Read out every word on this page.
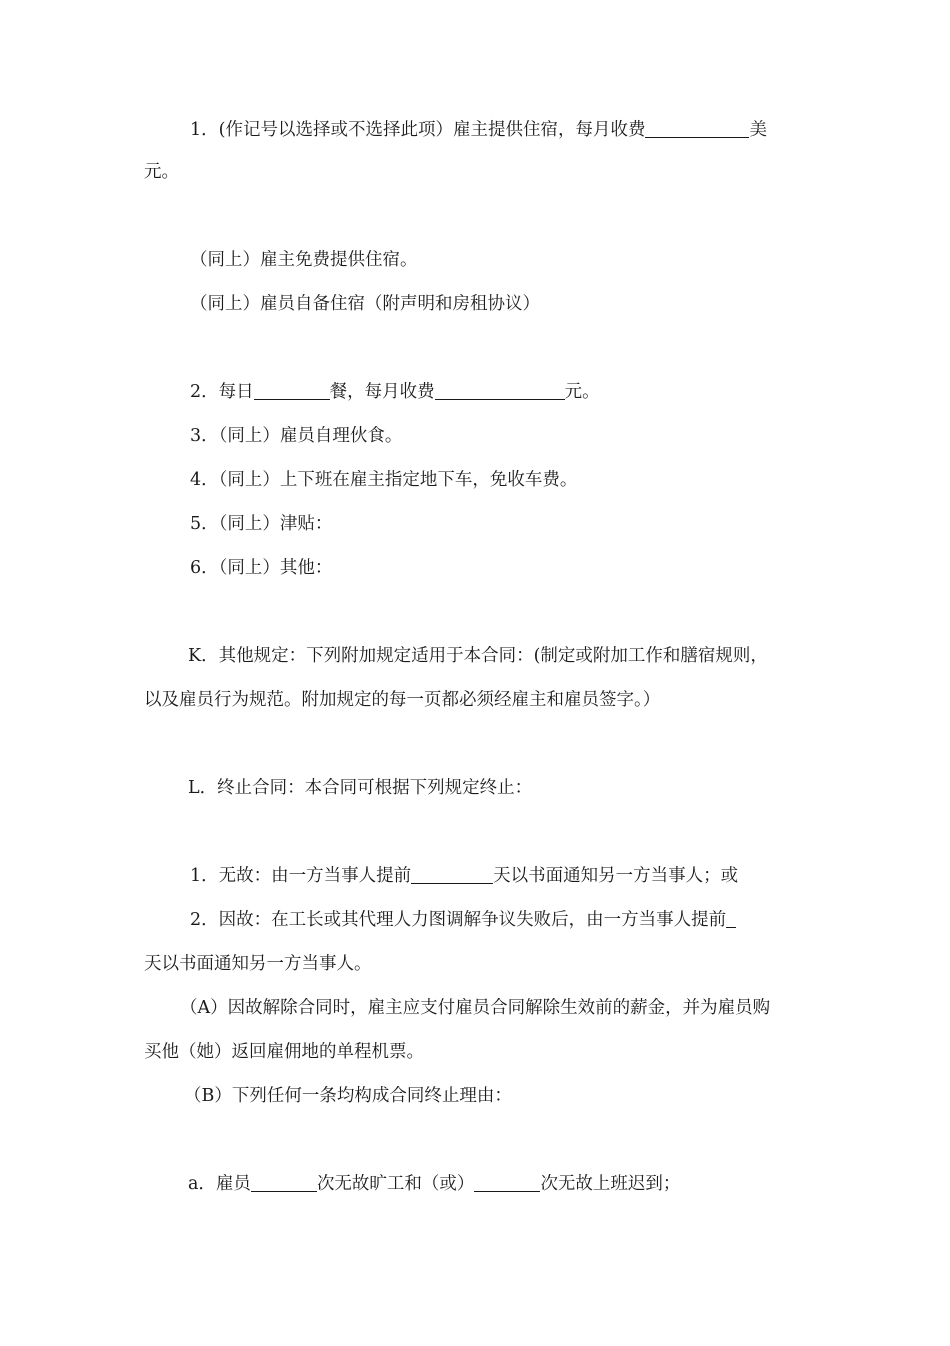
1．(作记号以选择或不选择此项）雇主提供住宿，每月收费	美
元。
（同上）雇主免费提供住宿。
（同上）雇员自备住宿（附声明和房租协议）
2．每日	餐，每月收费	元。
3．（同上）雇员自理伙食。
4．（同上）上下班在雇主指定地下车，免收车费。
5．（同上）津贴：
6．（同上）其他：
K．其他规定：下列附加规定适用于本合同：(制定或附加工作和膳宿规则，
以及雇员行为规范。附加规定的每一页都必须经雇主和雇员签字。）
L．终止合同：本合同可根据下列规定终止：
1．无故：由一方当事人提前	天以书面通知另一方当事人；或
2．因故：在工长或其代理人力图调解争议失败后，由一方当事人提前
天以书面通知另一方当事人。
（A）因故解除合同时，雇主应支付雇员合同解除生效前的薪金，并为雇员购
买他（她）返回雇佣地的单程机票。
（B）下列任何一条均构成合同终止理由：
a．雇员	次无故旷工和（或）	次无故上班迟到；
